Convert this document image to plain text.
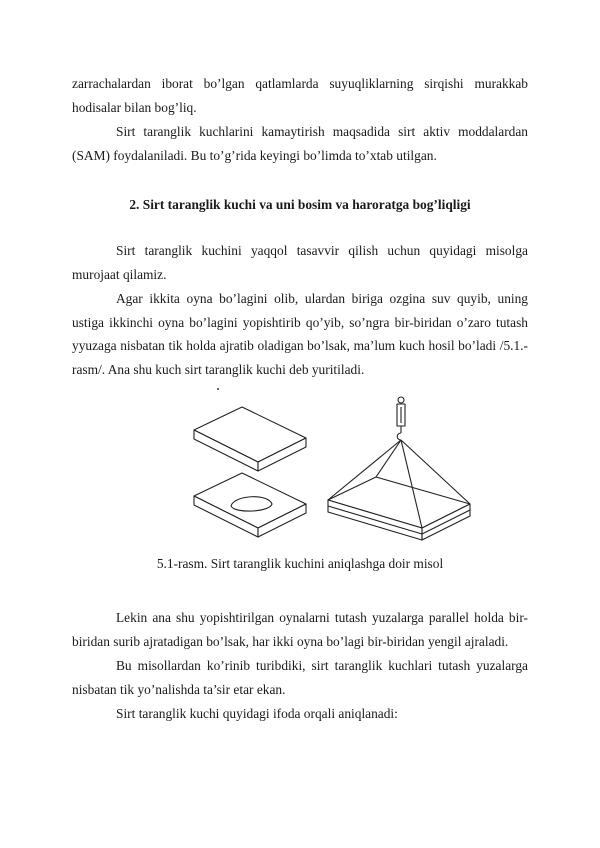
zarrachalardan iborat bo’lgan qatlamlarda suyuqliklarning sirqishi murakkab hodisalar bilan bog’liq.

Sirt taranglik kuchlarini kamaytirish maqsadida sirt aktiv moddalardan (SAM) foydalaniladi. Bu to’g’rida keyingi bo’limda to’xtab utilgan.

2. Sirt taranglik kuchi va uni bosim va haroratga bog’liqligi

Sirt taranglik kuchini yaqqol tasavvir qilish uchun quyidagi misolga murojaat qilamiz.

Agar ikkita oyna bo’lagini olib, ulardan biriga ozgina suv quyib, uning ustiga ikkinchi oyna bo’lagini yopishtirib qo’yib, so’ngra bir-biridan o’zaro tutash yyuzaga nisbatan tik holda ajratib oladigan bo’lsak, ma’lum kuch hosil bo’ladi /5.1.-rasm/. Ana shu kuch sirt taranglik kuchi deb yuritiladi.

5.1-rasm. Sirt taranglik kuchini aniqlashga doir misol

Lekin ana shu yopishtirilgan oynalarni tutash yuzalarga parallel holda bir-biridan surib ajratadigan bo’lsak, har ikki oyna bo’lagi bir-biridan yengil ajraladi.

Bu misollardan ko’rinib turibdiki, sirt taranglik kuchlari tutash yuzalarga nisbatan tik yo’nalishda ta’sir etar ekan.

Sirt taranglik kuchi quyidagi ifoda orqali aniqlanadi:
